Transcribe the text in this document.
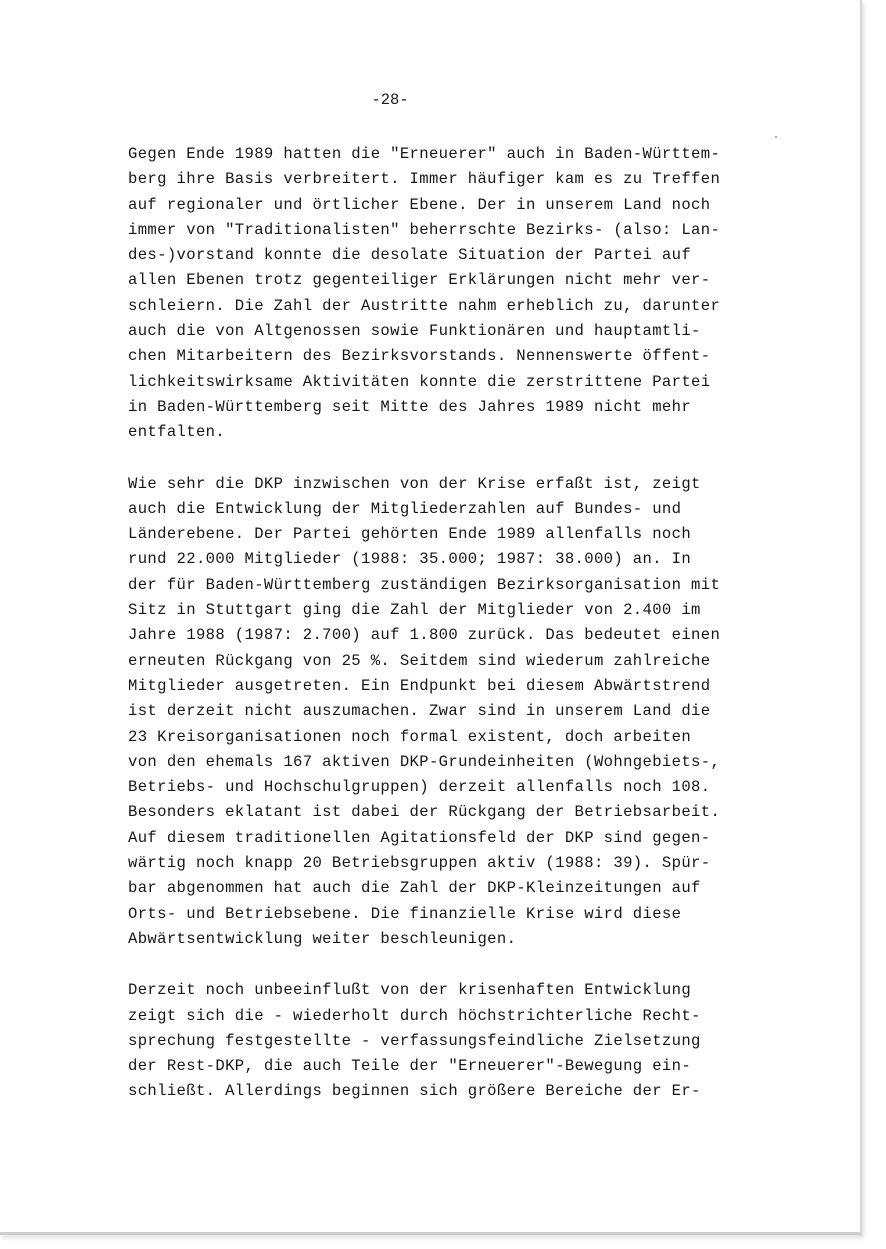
-28-
Gegen Ende 1989 hatten die "Erneuerer" auch in Baden-Württem-
berg ihre Basis verbreitert. Immer häufiger kam es zu Treffen
auf regionaler und örtlicher Ebene. Der in unserem Land noch
immer von "Traditionalisten" beherrschte Bezirks- (also: Lan-
des-)vorstand konnte die desolate Situation der Partei auf
allen Ebenen trotz gegenteiliger Erklärungen nicht mehr ver-
schleiern. Die Zahl der Austritte nahm erheblich zu, darunter
auch die von Altgenossen sowie Funktionären und hauptamtli-
chen Mitarbeitern des Bezirksvorstands. Nennenswerte öffent-
lichkeitswirksame Aktivitäten konnte die zerstrittene Partei
in Baden-Württemberg seit Mitte des Jahres 1989 nicht mehr
entfalten.
Wie sehr die DKP inzwischen von der Krise erfaßt ist, zeigt
auch die Entwicklung der Mitgliederzahlen auf Bundes- und
Länderebene. Der Partei gehörten Ende 1989 allenfalls noch
rund 22.000 Mitglieder (1988: 35.000; 1987: 38.000) an. In
der für Baden-Württemberg zuständigen Bezirksorganisation mit
Sitz in Stuttgart ging die Zahl der Mitglieder von 2.400 im
Jahre 1988 (1987: 2.700) auf 1.800 zurück. Das bedeutet einen
erneuten Rückgang von 25 %. Seitdem sind wiederum zahlreiche
Mitglieder ausgetreten. Ein Endpunkt bei diesem Abwärtstrend
ist derzeit nicht auszumachen. Zwar sind in unserem Land die
23 Kreisorganisationen noch formal existent, doch arbeiten
von den ehemals 167 aktiven DKP-Grundeinheiten (Wohngebiets-,
Betriebs- und Hochschulgruppen) derzeit allenfalls noch 108.
Besonders eklatant ist dabei der Rückgang der Betriebsarbeit.
Auf diesem traditionellen Agitationsfeld der DKP sind gegen-
wärtig noch knapp 20 Betriebsgruppen aktiv (1988: 39). Spür-
bar abgenommen hat auch die Zahl der DKP-Kleinzeitungen auf
Orts- und Betriebsebene. Die finanzielle Krise wird diese
Abwärtsentwicklung weiter beschleunigen.
Derzeit noch unbeeinflußt von der krisenhaften Entwicklung
zeigt sich die - wiederholt durch höchstrichterliche Recht-
sprechung festgestellte - verfassungsfeindliche Zielsetzung
der Rest-DKP, die auch Teile der "Erneuerer"-Bewegung ein-
schließt. Allerdings beginnen sich größere Bereiche der Er-
